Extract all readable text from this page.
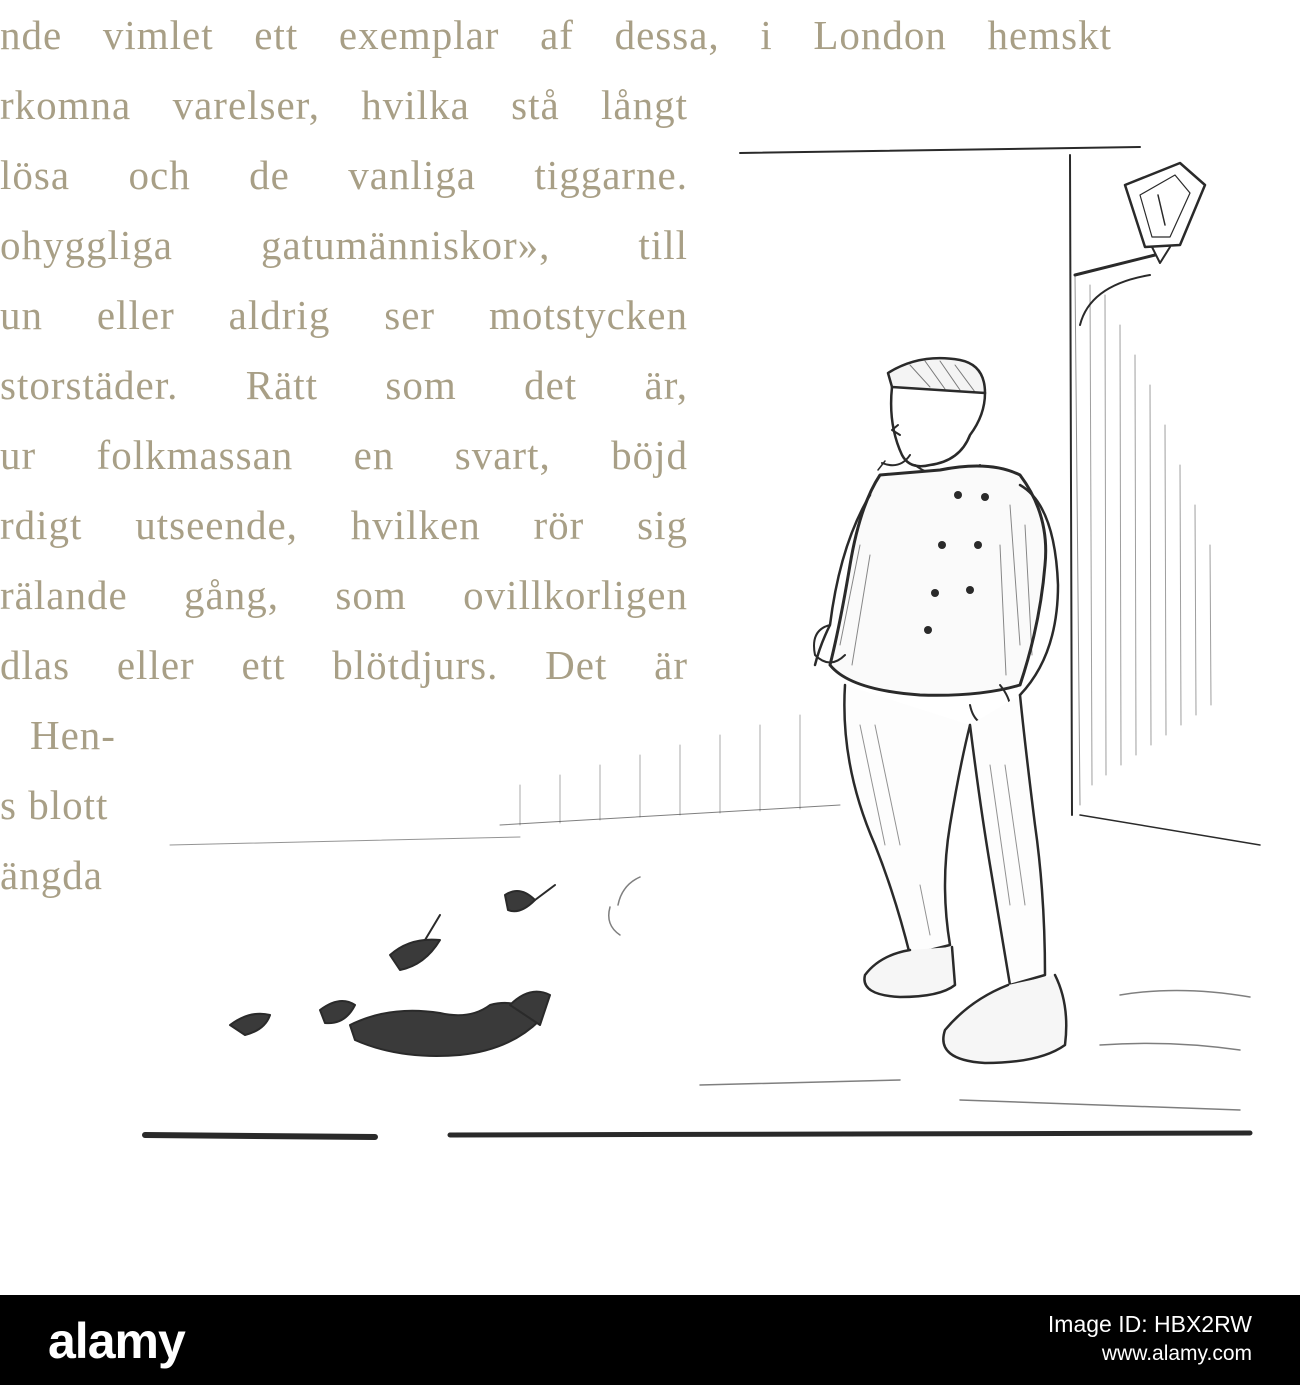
nde vimlet ett exemplar af dessa, i London hemskt
rkomna varelser, hvilka stå långt
lösa och de vanliga tiggarne.
ohyggliga gatumänniskor», till
un eller aldrig ser motstycken
storstäder. Rätt som det är,
ur folkmassan en svart, böjd
rdigt utseende, hvilken rör sig
rälande gång, som ovillkorligen
dlas eller ett blötdjurs. Det är
Hen-
s blott
ängda
alamy	Image ID: HBX2RW
www.alamy.com
